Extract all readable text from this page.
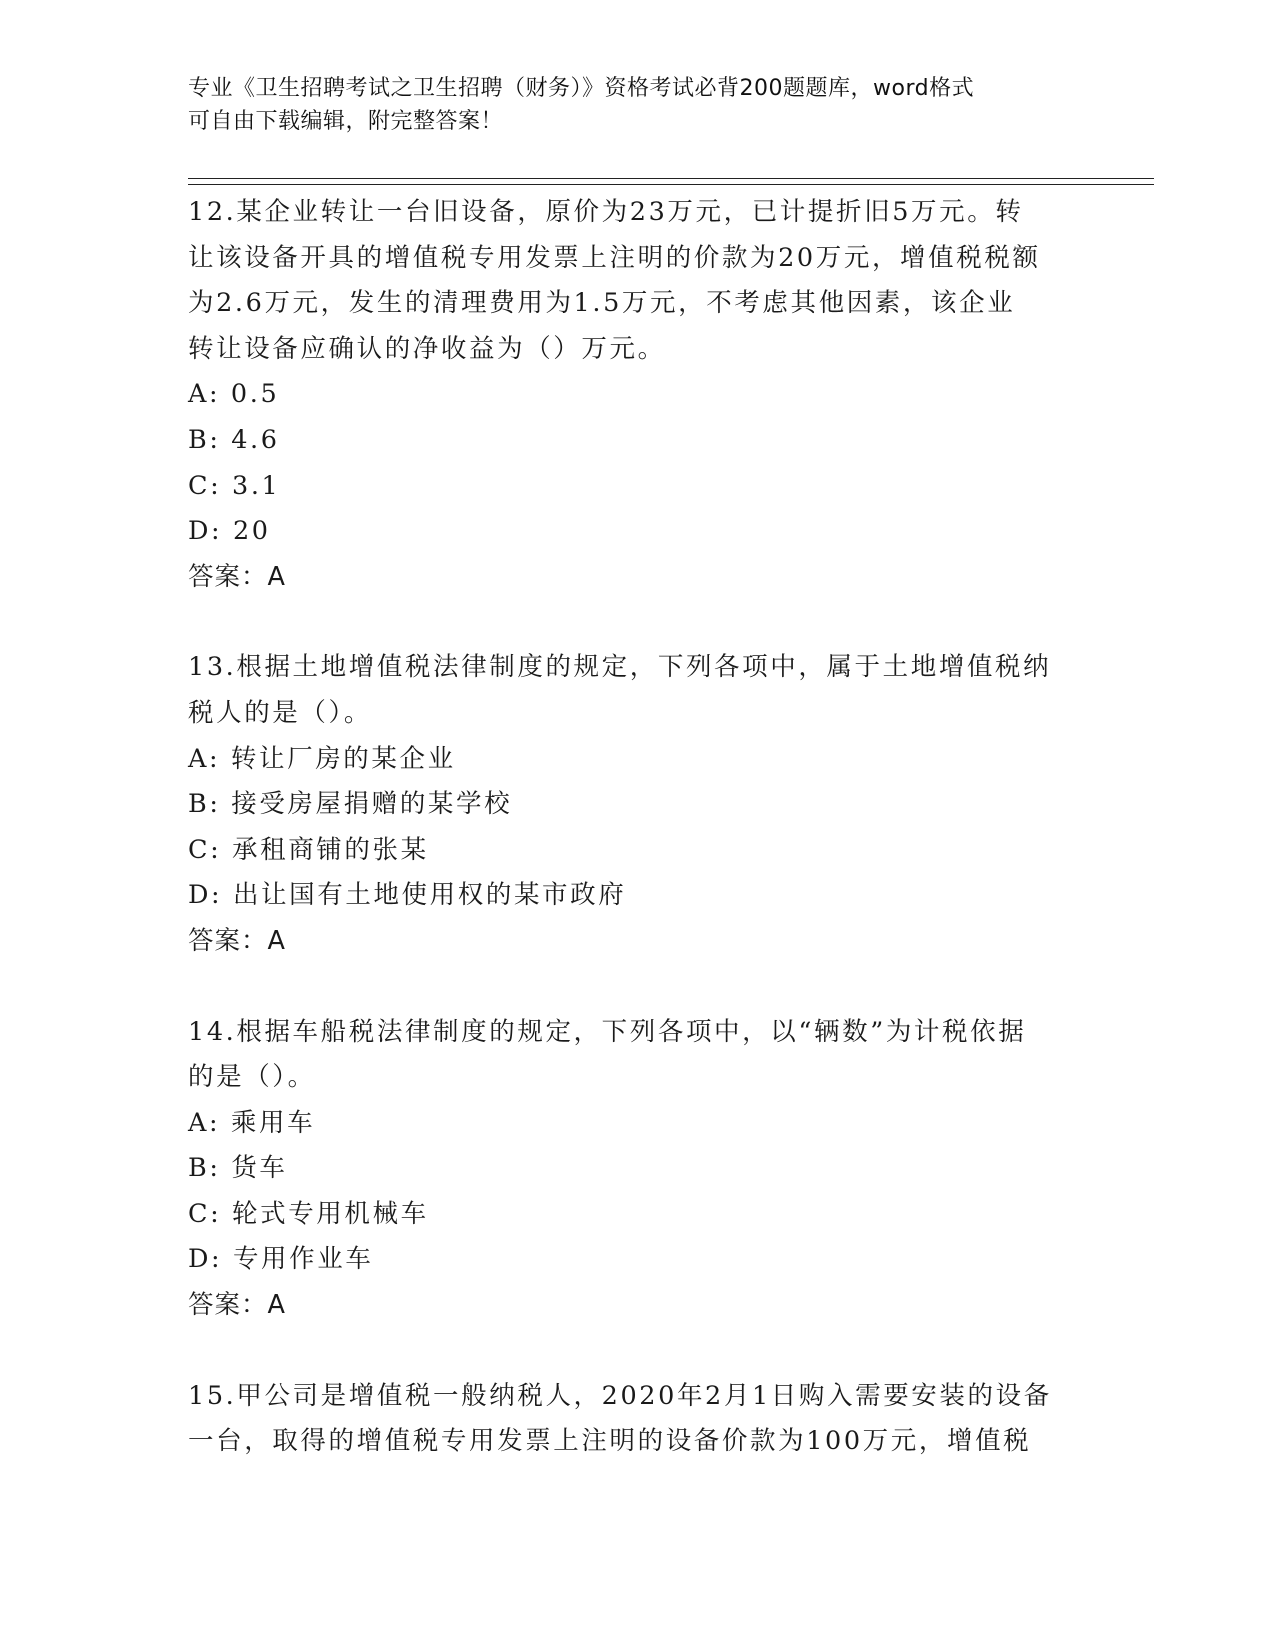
专业《卫生招聘考试之卫生招聘（财务）》资格考试必背200题题库，word格式
可自由下载编辑，附完整答案！
12.某企业转让一台旧设备，原价为23万元，已计提折旧5万元。转
让该设备开具的增值税专用发票上注明的价款为20万元，增值税税额
为2.6万元，发生的清理费用为1.5万元，不考虑其他因素，该企业
转让设备应确认的净收益为（）万元。
A: 0.5
B: 4.6
C: 3.1
D: 20
答案：A
13.根据土地增值税法律制度的规定，下列各项中，属于土地增值税纳
税人的是（）。
A: 转让厂房的某企业
B: 接受房屋捐赠的某学校
C: 承租商铺的张某
D: 出让国有土地使用权的某市政府
答案：A
14.根据车船税法律制度的规定，下列各项中，以“辆数”为计税依据
的是（）。
A: 乘用车
B: 货车
C: 轮式专用机械车
D: 专用作业车
答案：A
15.甲公司是增值税一般纳税人，2020年2月1日购入需要安装的设备
一台，取得的增值税专用发票上注明的设备价款为100万元，增值税
